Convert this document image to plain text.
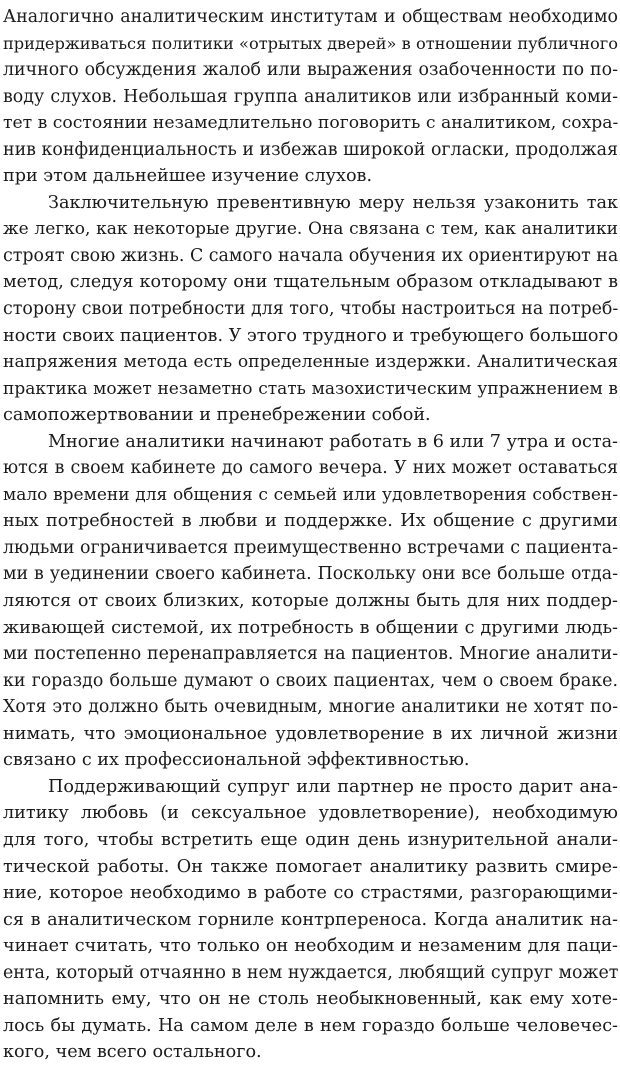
Аналогично аналитическим институтам и обществам необходимо
придерживаться политики «отрытых дверей» в отношении публичного
личного обсуждения жалоб или выражения озабоченности по по-
воду слухов. Небольшая группа аналитиков или избранный коми-
тет в состоянии незамедлительно поговорить с аналитиком, сохра-
нив конфиденциальность и избежав широкой огласки, продолжая
при этом дальнейшее изучение слухов.
Заключительную превентивную меру нельзя узаконить так
же легко, как некоторые другие. Она связана с тем, как аналитики
строят свою жизнь. С самого начала обучения их ориентируют на
метод, следуя которому они тщательным образом откладывают в
сторону свои потребности для того, чтобы настроиться на потреб-
ности своих пациентов. У этого трудного и требующего большого
напряжения метода есть определенные издержки. Аналитическая
практика может незаметно стать мазохистическим упражнением в
самопожертвовании и пренебрежении собой.
Многие аналитики начинают работать в 6 или 7 утра и оста-
ются в своем кабинете до самого вечера. У них может оставаться
мало времени для общения с семьей или удовлетворения собствен-
ных потребностей в любви и поддержке. Их общение с другими
людьми ограничивается преимущественно встречами с пациента-
ми в уединении своего кабинета. Поскольку они все больше отда-
ляются от своих близких, которые должны быть для них поддер-
живающей системой, их потребность в общении с другими людь-
ми постепенно перенаправляется на пациентов. Многие аналити-
ки гораздо больше думают о своих пациентах, чем о своем браке.
Хотя это должно быть очевидным, многие аналитики не хотят по-
нимать, что эмоциональное удовлетворение в их личной жизни
связано с их профессиональной эффективностью.
Поддерживающий супруг или партнер не просто дарит ана-
литику любовь (и сексуальное удовлетворение), необходимую
для того, чтобы встретить еще один день изнурительной анали-
тической работы. Он также помогает аналитику развить смире-
ние, которое необходимо в работе со страстями, разгорающими-
ся в аналитическом горниле контрпереноса. Когда аналитик на-
чинает считать, что только он необходим и незаменим для паци-
ента, который отчаянно в нем нуждается, любящий супруг может
напомнить ему, что он не столь необыкновенный, как ему хоте-
лось бы думать. На самом деле в нем гораздо больше человечес-
кого, чем всего остального.
